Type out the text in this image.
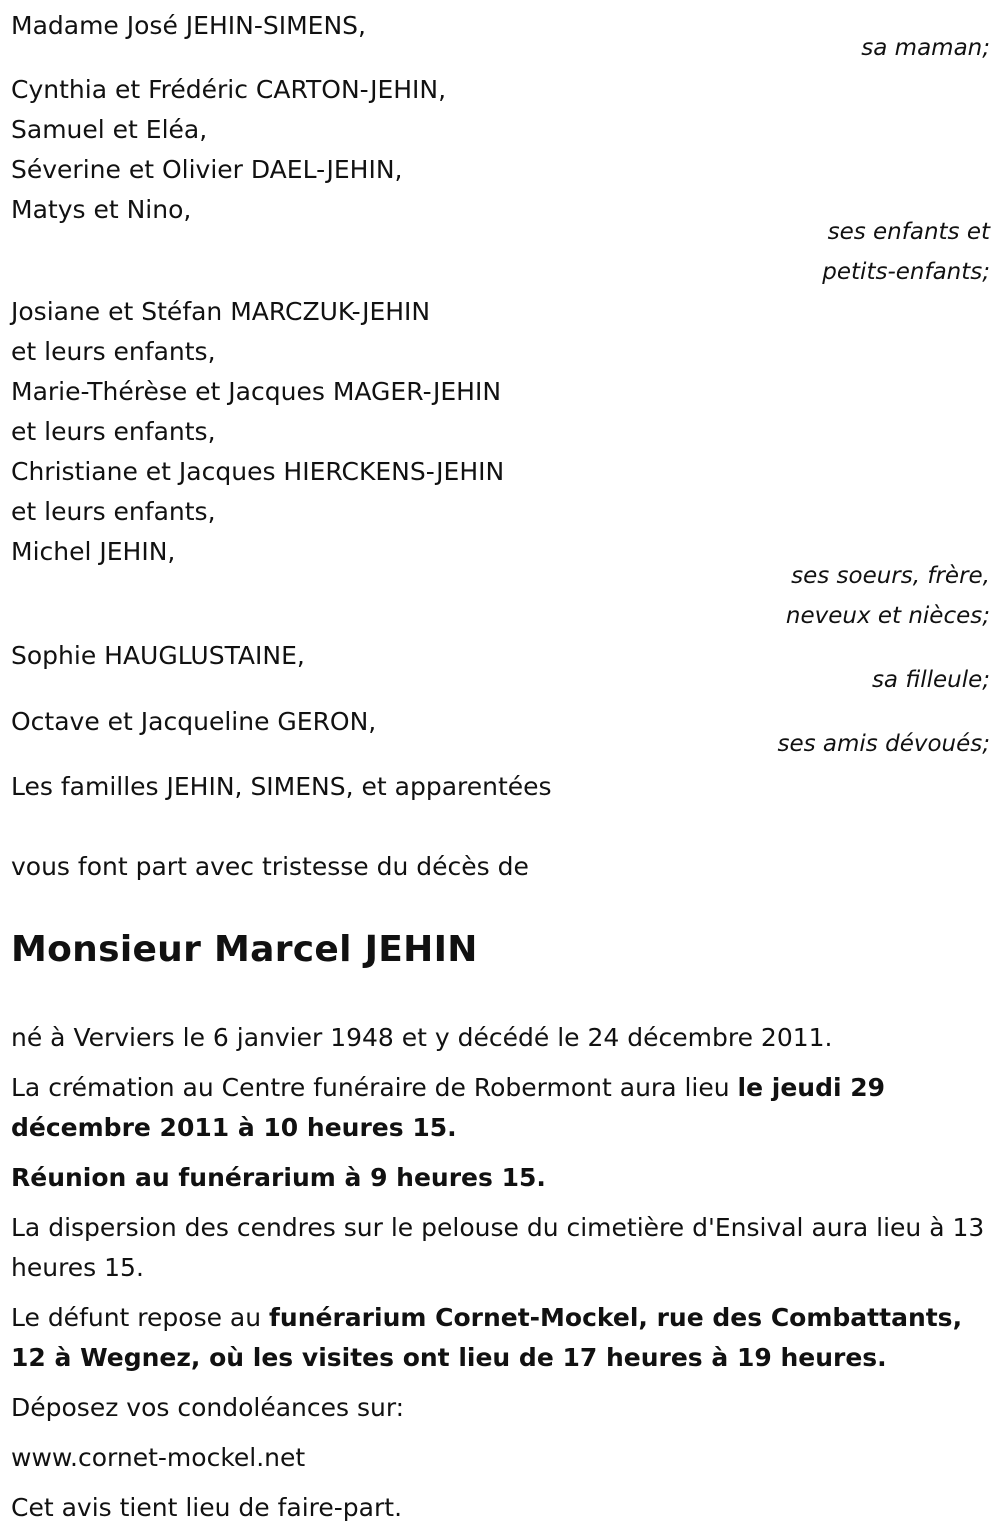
Madame José JEHIN-SIMENS,
sa maman;
Cynthia et Frédéric CARTON-JEHIN,
Samuel et Eléa,
Séverine et Olivier DAEL-JEHIN,
Matys et Nino,
ses enfants et
petits-enfants;
Josiane et Stéfan MARCZUK-JEHIN
et leurs enfants,
Marie-Thérèse et Jacques MAGER-JEHIN
et leurs enfants,
Christiane et Jacques HIERCKENS-JEHIN
et leurs enfants,
Michel JEHIN,
ses soeurs, frère,
neveux et nièces;
Sophie HAUGLUSTAINE,
sa filleule;
Octave et Jacqueline GERON,
ses amis dévoués;
Les familles JEHIN, SIMENS, et apparentées
vous font part avec tristesse du décès de
Monsieur Marcel JEHIN

né à Verviers le 6 janvier 1948 et y décédé le 24 décembre 2011.

La crémation au Centre funéraire de Robermont aura lieu le jeudi 29 décembre 2011 à 10 heures 15.

Réunion au funérarium à 9 heures 15.

La dispersion des cendres sur le pelouse du cimetière d'Ensival aura lieu à 13 heures 15.

Le défunt repose au funérarium Cornet-Mockel, rue des Combattants, 12 à Wegnez, où les visites ont lieu de 17 heures à 19 heures.

Déposez vos condoléances sur:

www.cornet-mockel.net

Cet avis tient lieu de faire-part.
